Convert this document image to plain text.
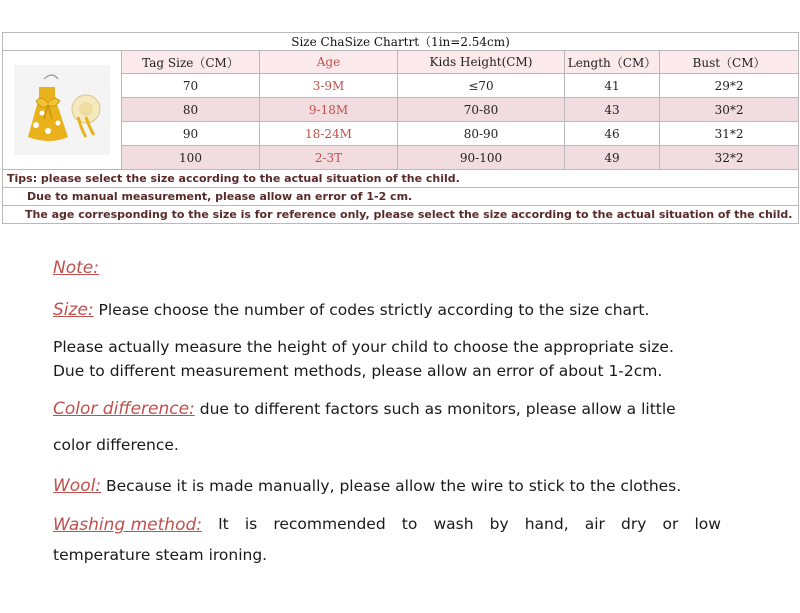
Size ChaSize Chartrt（1in=2.54cm)					

	Tag Size（CM）	Age	Kids Height(CM)	Length（CM）	Bust（CM）
	70	3-9M	≤70	41	29*2
	80	9-18M	70-80	43	30*2
	90	18-24M	80-90	46	31*2
	100	2-3T	90-100	49	32*2
Tips: please select the size according to the actual situation of the child.					
Due to manual measurement, please allow an error of 1-2 cm.					
The age corresponding to the size is for reference only, please select the size according to the actual situation of the child.					
Note:
Size: Please choose the number of codes strictly according to the size chart.
Please actually measure the height of your child to choose the appropriate size.
Due to different measurement methods, please allow an error of about 1-2cm.
Color difference: due to different factors such as monitors, please allow a little
color difference.
Wool: Because it is made manually, please allow the wire to stick to the clothes.
Washing method: It is recommended to wash by hand, air dry or low
temperature steam ironing.
